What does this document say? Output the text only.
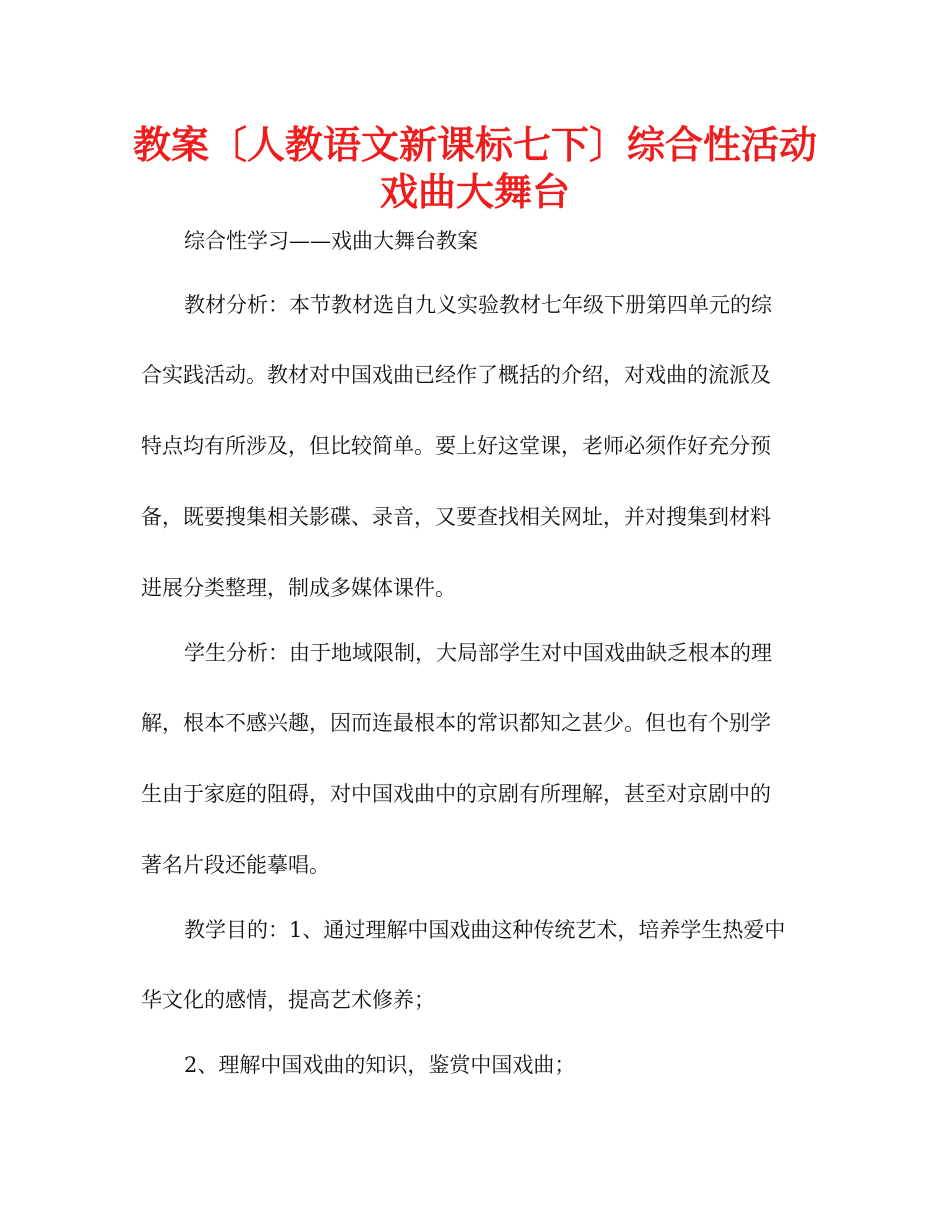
教案〔人教语文新课标七下〕综合性活动
戏曲大舞台
综合性学习——戏曲大舞台教案
教材分析：本节教材选自九义实验教材七年级下册第四单元的综
合实践活动。教材对中国戏曲已经作了概括的介绍，对戏曲的流派及
特点均有所涉及，但比较简单。要上好这堂课，老师必须作好充分预
备，既要搜集相关影碟、录音，又要查找相关网址，并对搜集到材料
进展分类整理，制成多媒体课件。
学生分析：由于地域限制，大局部学生对中国戏曲缺乏根本的理
解，根本不感兴趣，因而连最根本的常识都知之甚少。但也有个别学
生由于家庭的阻碍，对中国戏曲中的京剧有所理解，甚至对京剧中的
著名片段还能摹唱。
教学目的：1、通过理解中国戏曲这种传统艺术，培养学生热爱中
华文化的感情，提高艺术修养；
2、理解中国戏曲的知识，鉴赏中国戏曲；
